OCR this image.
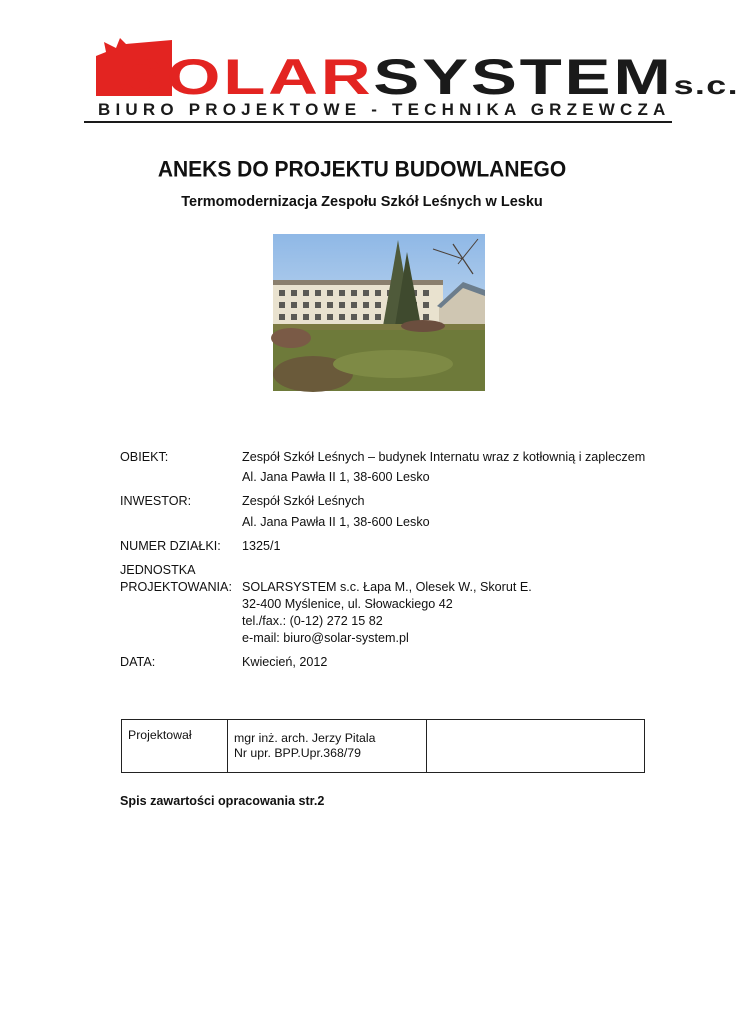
SOLARSYSTEMs.c.
BIURO PROJEKTOWE - TECHNIKA GRZEWCZA
ANEKS DO PROJEKTU BUDOWLANEGO
Termomodernizacja Zespołu Szkół Leśnych w Lesku
OBIEKT:	Zespół Szkół Leśnych – budynek Internatu wraz z kotłownią i zapleczem
Al. Jana Pawła II 1, 38-600 Lesko
INWESTOR:	Zespół Szkół Leśnych
Al. Jana Pawła II 1, 38-600 Lesko
NUMER DZIAŁKI: 1325/1
JEDNOSTKA
PROJEKTOWANIA: SOLARSYSTEM s.c. Łapa M., Olesek W., Skorut E.
32-400 Myślenice, ul. Słowackiego 42
tel./fax.: (0-12) 272 15 82
e-mail: biuro@solar-system.pl
DATA:	Kwiecień, 2012
Projektował	mgr inż. arch. Jerzy Pitala
Nr upr. BPP.Upr.368/79

Spis zawartości opracowania str.2
